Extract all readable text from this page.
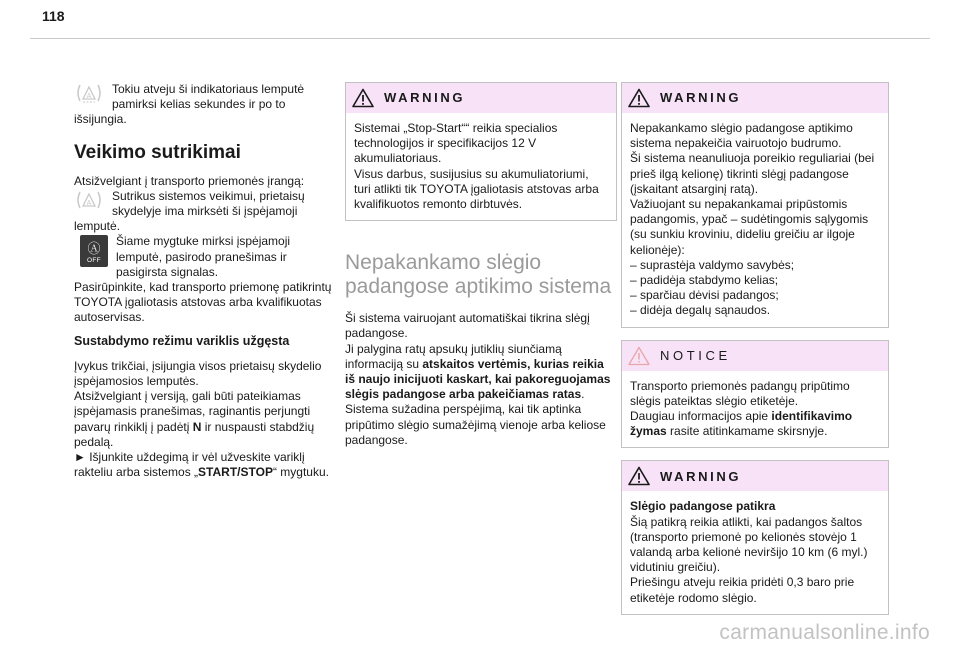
118

A
Tokiu atveju ši indikatoriaus lemputė pamirksi kelias sekundes ir po to išsijungia.

Veikimo sutrikimai

Atsižvelgiant į transporto priemonės įrangą:

A
Sutrikus sistemos veikimui, prietaisų skydelyje ima mirksėti ši įspėjamoji lemputė.

Ⓐ
OFF
Šiame mygtuke mirksi įspėjamoji lemputė, pasirodo pranešimas ir pasigirsta signalas.

Pasirūpinkite, kad transporto priemonę patikrintų TOYOTA įgaliotasis atstovas arba kvalifikuotas autoservisas.

Sustabdymo režimu variklis užgęsta

Įvykus trikčiai, įsijungia visos prietaisų skydelio įspėjamosios lemputės.

Atsižvelgiant į versiją, gali būti pateikiamas įspėjamasis pranešimas, raginantis perjungti pavarų rinkiklį į padėtį N ir nuspausti stabdžių pedalą.

► Išjunkite uždegimą ir vėl užveskite variklį rakteliu arba sistemos „START/STOP“ mygtuku.

WARNING

Sistemai „Stop-Start““ reikia specialios technologijos ir specifikacijos 12 V akumuliatoriaus.

Visus darbus, susijusius su akumuliatoriumi, turi atlikti tik TOYOTA įgaliotasis atstovas arba kvalifikuotos remonto dirbtuvės.

Nepakankamo slėgio padangose aptikimo sistema

Ši sistema vairuojant automatiškai tikrina slėgį padangose.

Ji palygina ratų apsukų jutiklių siunčiamą informaciją su atskaitos vertėmis, kurias reikia iš naujo inicijuoti kaskart, kai pakoreguojamas slėgis padangose arba pakeičiamas ratas.

Sistema sužadina perspėjimą, kai tik aptinka pripūtimo slėgio sumažėjimą vienoje arba keliose padangose.

WARNING

Nepakankamo slėgio padangose aptikimo sistema nepakeičia vairuotojo budrumo.

Ši sistema neanuliuoja poreikio reguliariai (bei prieš ilgą kelionę) tikrinti slėgį padangose (įskaitant atsarginį ratą).

Važiuojant su nepakankamai pripūstomis padangomis, ypač – sudėtingomis sąlygomis (su sunkiu kroviniu, dideliu greičiu ar ilgoje kelionėje):

– suprastėja valdymo savybės;

– padidėja stabdymo kelias;

– sparčiau dėvisi padangos;

– didėja degalų sąnaudos.

NOTICE

Transporto priemonės padangų pripūtimo slėgis pateiktas slėgio etiketėje.

Daugiau informacijos apie identifikavimo žymas rasite atitinkamame skirsnyje.

WARNING

Slėgio padangose patikra

Šią patikrą reikia atlikti, kai padangos šaltos (transporto priemonė po kelionės stovėjo 1 valandą arba kelionė neviršijo 10 km (6 myl.) vidutiniu greičiu).

Priešingu atveju reikia pridėti 0,3 baro prie etiketėje rodomo slėgio.

carmanualsonline.info
